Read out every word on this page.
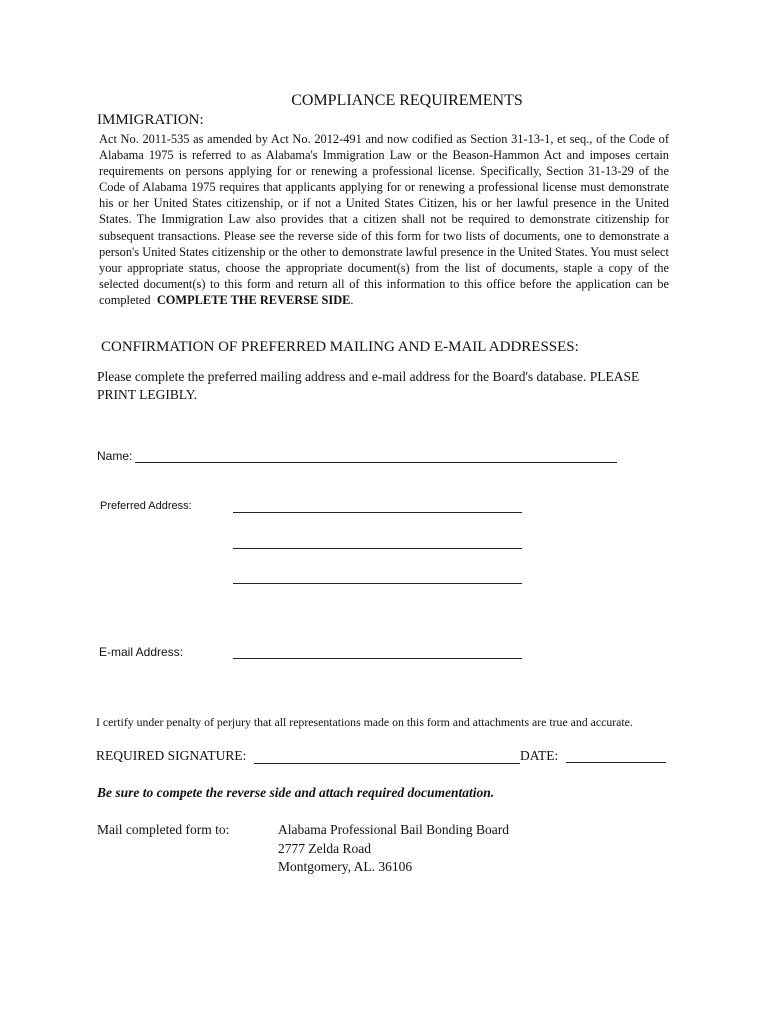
COMPLIANCE REQUIREMENTS
IMMIGRATION:
Act No. 2011-535 as amended by Act No. 2012-491 and now codified as Section 31-13-1, et seq., of the Code of Alabama 1975 is referred to as Alabama's Immigration Law or the Beason-Hammon Act and imposes certain requirements on persons applying for or renewing a professional license. Specifically, Section 31-13-29 of the Code of Alabama 1975 requires that applicants applying for or renewing a professional license must demonstrate his or her United States citizenship, or if not a United States Citizen, his or her lawful presence in the United States. The Immigration Law also provides that a citizen shall not be required to demonstrate citizenship for subsequent transactions. Please see the reverse side of this form for two lists of documents, one to demonstrate a person's United States citizenship or the other to demonstrate lawful presence in the United States. You must select your appropriate status, choose the appropriate document(s) from the list of documents, staple a copy of the selected document(s) to this form and return all of this information to this office before the application can be completed COMPLETE THE REVERSE SIDE.
CONFIRMATION OF PREFERRED MAILING AND E-MAIL ADDRESSES:
Please complete the preferred mailing address and e-mail address for the Board's database. PLEASE PRINT LEGIBLY.
Name:
Preferred Address:
E-mail Address:
I certify under penalty of perjury that all representations made on this form and attachments are true and accurate.
REQUIRED SIGNATURE:	DATE:
Be sure to compete the reverse side and attach required documentation.
Mail completed form to:	Alabama Professional Bail Bonding Board
2777 Zelda Road
Montgomery, AL. 36106
